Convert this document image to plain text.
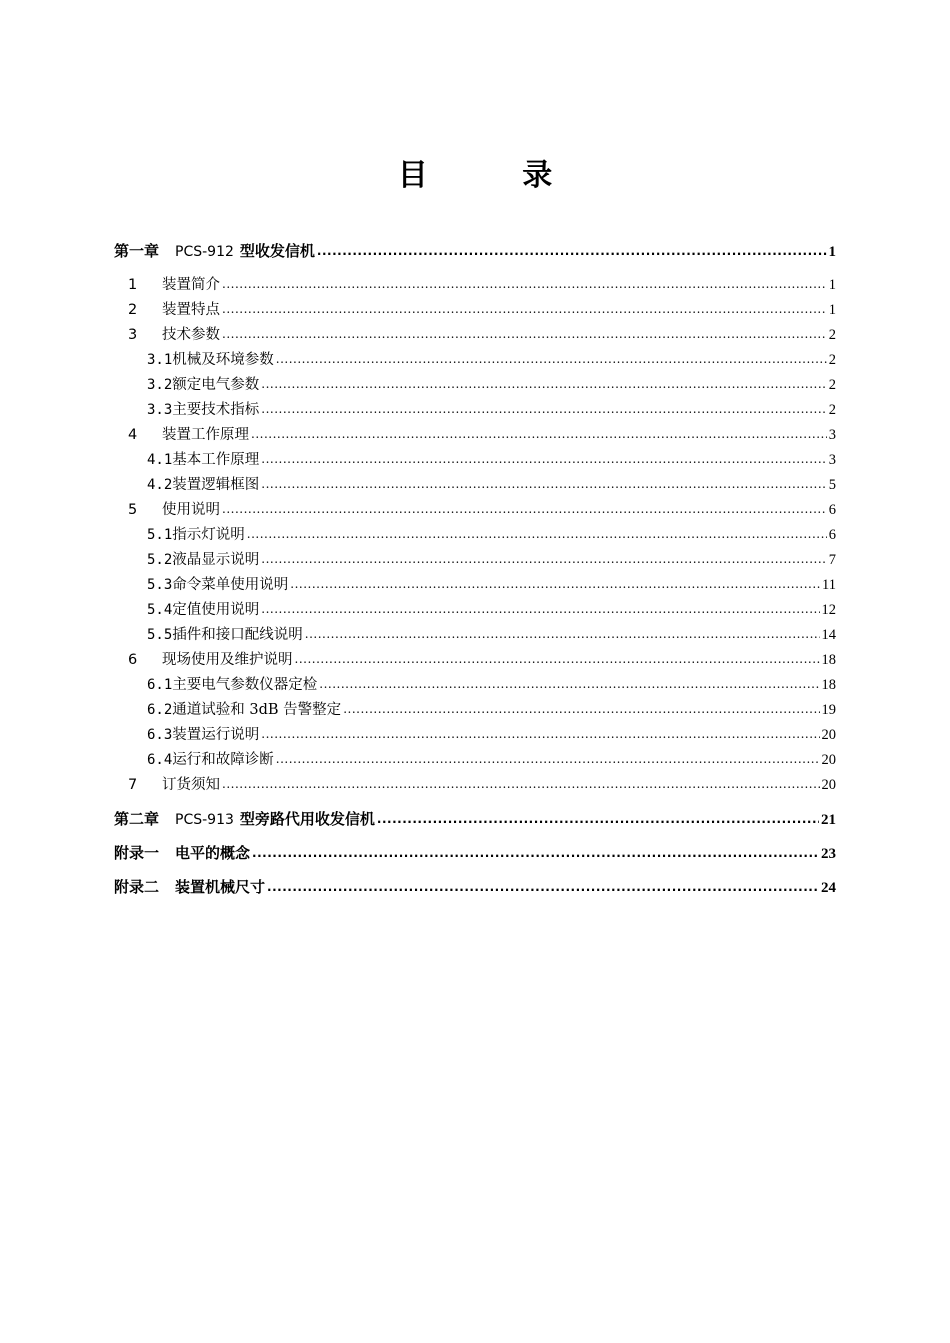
目 录
第一章 PCS-912 型收发信机 .....	1
1	装置简介 .....	1
2	装置特点 .....	1
3	技术参数 .....	2
3.1 机械及环境参数 .....	2
3.2 额定电气参数 .....	2
3.3 主要技术指标 .....	2
4	装置工作原理 .....	3
4.1 基本工作原理 .....	3
4.2 装置逻辑框图 .....	5
5	使用说明 .....	6
5.1 指示灯说明 .....	6
5.2 液晶显示说明 .....	7
5.3 命令菜单使用说明 .....	11
5.4 定值使用说明 .....	12
5.5 插件和接口配线说明 .....	14
6	现场使用及维护说明 .....	18
6.1 主要电气参数仪器定检 .....	18
6.2 通道试验和 3dB 告警整定 .....	19
6.3 装置运行说明 .....	20
6.4 运行和故障诊断 .....	20
7	订货须知 .....	20
第二章 PCS-913 型旁路代用收发信机 .....	21
附录一 电平的概念 .....	23
附录二 装置机械尺寸 .....	24
